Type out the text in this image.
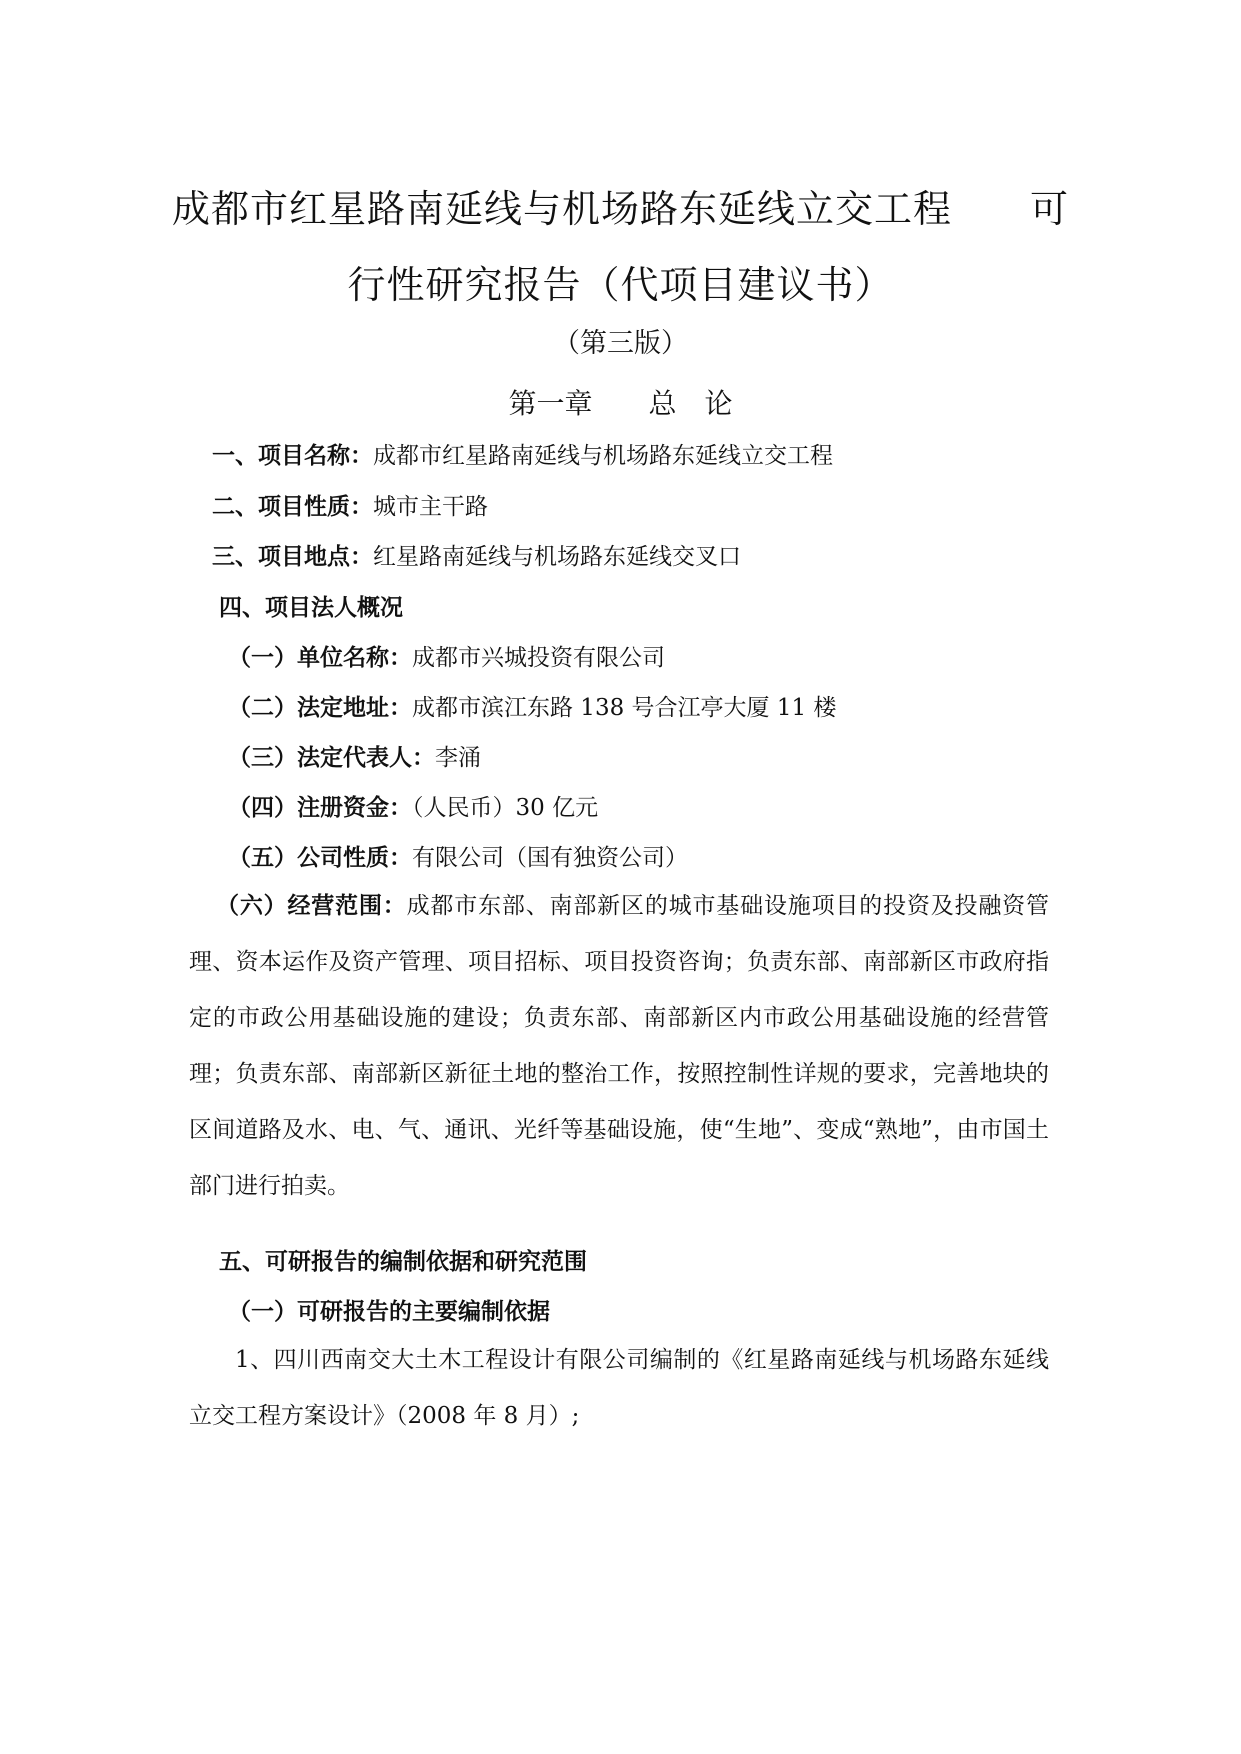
成都市红星路南延线与机场路东延线立交工程　　可
行性研究报告（代项目建议书）
（第三版）
第一章　　总　论
一、项目名称：成都市红星路南延线与机场路东延线立交工程
二、项目性质：城市主干路
三、项目地点：红星路南延线与机场路东延线交叉口
四、项目法人概况
（一）单位名称：成都市兴城投资有限公司
（二）法定地址：成都市滨江东路 138 号合江亭大厦 11 楼
（三）法定代表人：李涌
（四）注册资金：（人民币）30 亿元
（五）公司性质：有限公司（国有独资公司）
（六）经营范围：成都市东部、南部新区的城市基础设施项目的投资及投融资管理、资本运作及资产管理、项目招标、项目投资咨询；负责东部、南部新区市政府指定的市政公用基础设施的建设；负责东部、南部新区内市政公用基础设施的经营管理；负责东部、南部新区新征土地的整治工作，按照控制性详规的要求，完善地块的区间道路及水、电、气、通讯、光纤等基础设施，使“生地”、变成“熟地”，由市国土部门进行拍卖。
五、可研报告的编制依据和研究范围
（一）可研报告的主要编制依据
1、四川西南交大土木工程设计有限公司编制的《红星路南延线与机场路东延线立交工程方案设计》（2008 年 8 月）;
